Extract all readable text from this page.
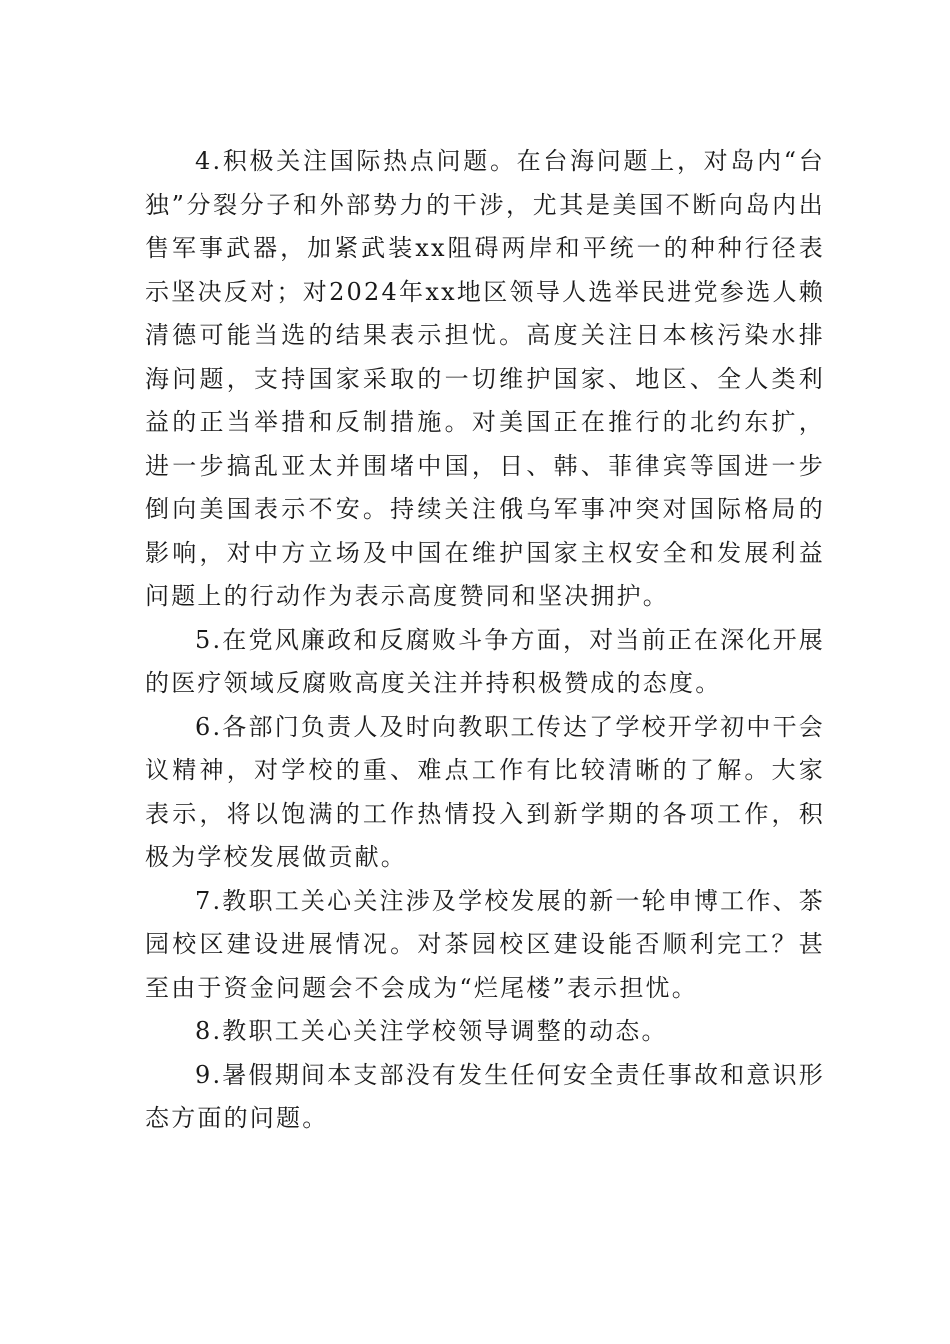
4.积极关注国际热点问题。在台海问题上，对岛内“台独”分裂分子和外部势力的干涉，尤其是美国不断向岛内出售军事武器，加紧武装xx阻碍两岸和平统一的种种行径表示坚决反对；对2024年xx地区领导人选举民进党参选人赖清德可能当选的结果表示担忧。高度关注日本核污染水排海问题，支持国家采取的一切维护国家、地区、全人类利益的正当举措和反制措施。对美国正在推行的北约东扩，进一步搞乱亚太并围堵中国，日、韩、菲律宾等国进一步倒向美国表示不安。持续关注俄乌军事冲突对国际格局的影响，对中方立场及中国在维护国家主权安全和发展利益问题上的行动作为表示高度赞同和坚决拥护。

5.在党风廉政和反腐败斗争方面，对当前正在深化开展的医疗领域反腐败高度关注并持积极赞成的态度。

6.各部门负责人及时向教职工传达了学校开学初中干会议精神，对学校的重、难点工作有比较清晰的了解。大家表示，将以饱满的工作热情投入到新学期的各项工作，积极为学校发展做贡献。

7.教职工关心关注涉及学校发展的新一轮申博工作、茶园校区建设进展情况。对茶园校区建设能否顺利完工？甚至由于资金问题会不会成为“烂尾楼”表示担忧。

8.教职工关心关注学校领导调整的动态。

9.暑假期间本支部没有发生任何安全责任事故和意识形态方面的问题。
